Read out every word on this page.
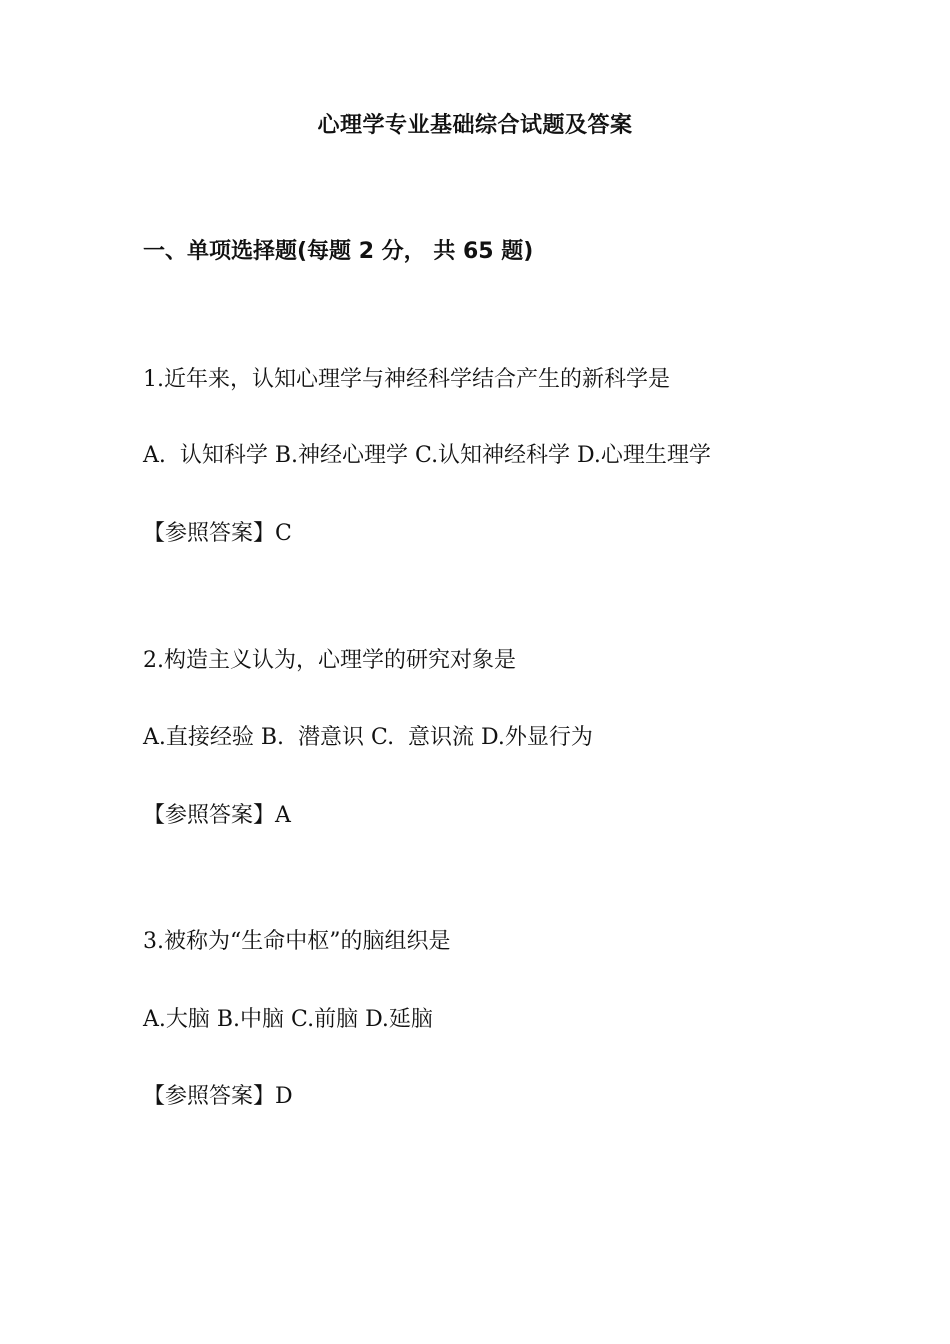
心理学专业基础综合试题及答案
一、单项选择题(每题 2 分， 共 65 题)
1.近年来，认知心理学与神经科学结合产生的新科学是
A.  认知科学 B.神经心理学 C.认知神经科学 D.心理生理学
【参照答案】C
2.构造主义认为，心理学的研究对象是
A.直接经验 B.  潜意识 C.  意识流 D.外显行为
【参照答案】A
3.被称为“生命中枢”的脑组织是
A.大脑 B.中脑 C.前脑 D.延脑
【参照答案】D
